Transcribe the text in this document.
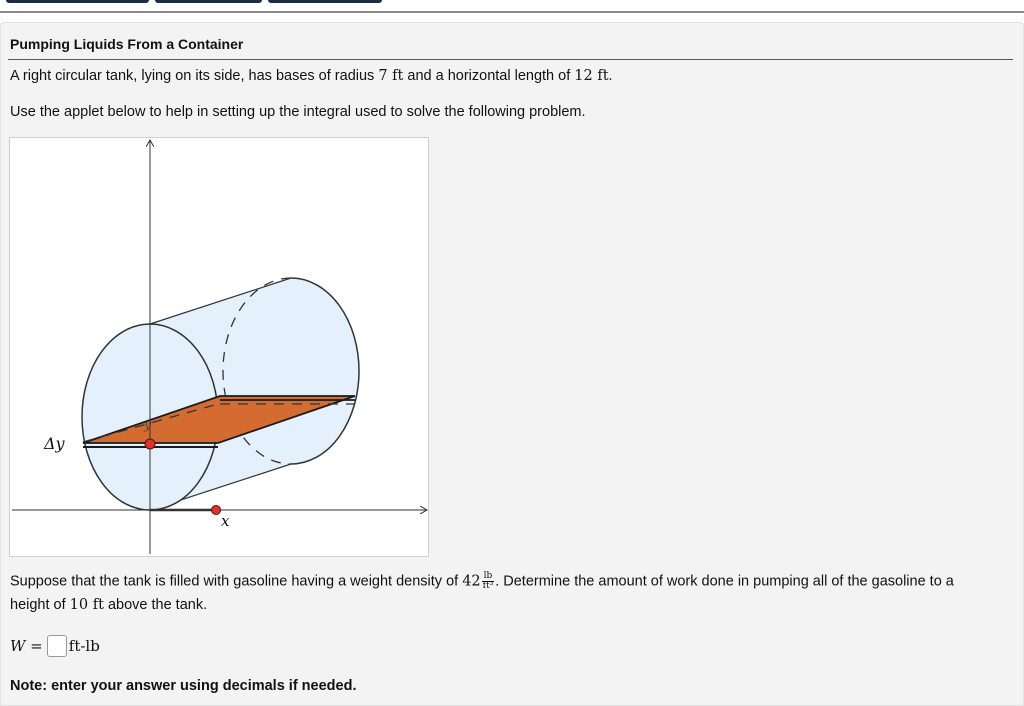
Pumping Liquids From a Container
A right circular tank, lying on its side, has bases of radius 7 ft and a horizontal length of 12 ft.
Use the applet below to help in setting up the integral used to solve the following problem.
Δy
y
x
Suppose that the tank is filled with gasoline having a weight density of $42 \frac{lb}{\text{ft³}}$ . Determine the amount of work done in pumping all of the gasoline to a
height of 10 ft above the tank.
W = ft-lb
Note: enter your answer using decimals if needed.
